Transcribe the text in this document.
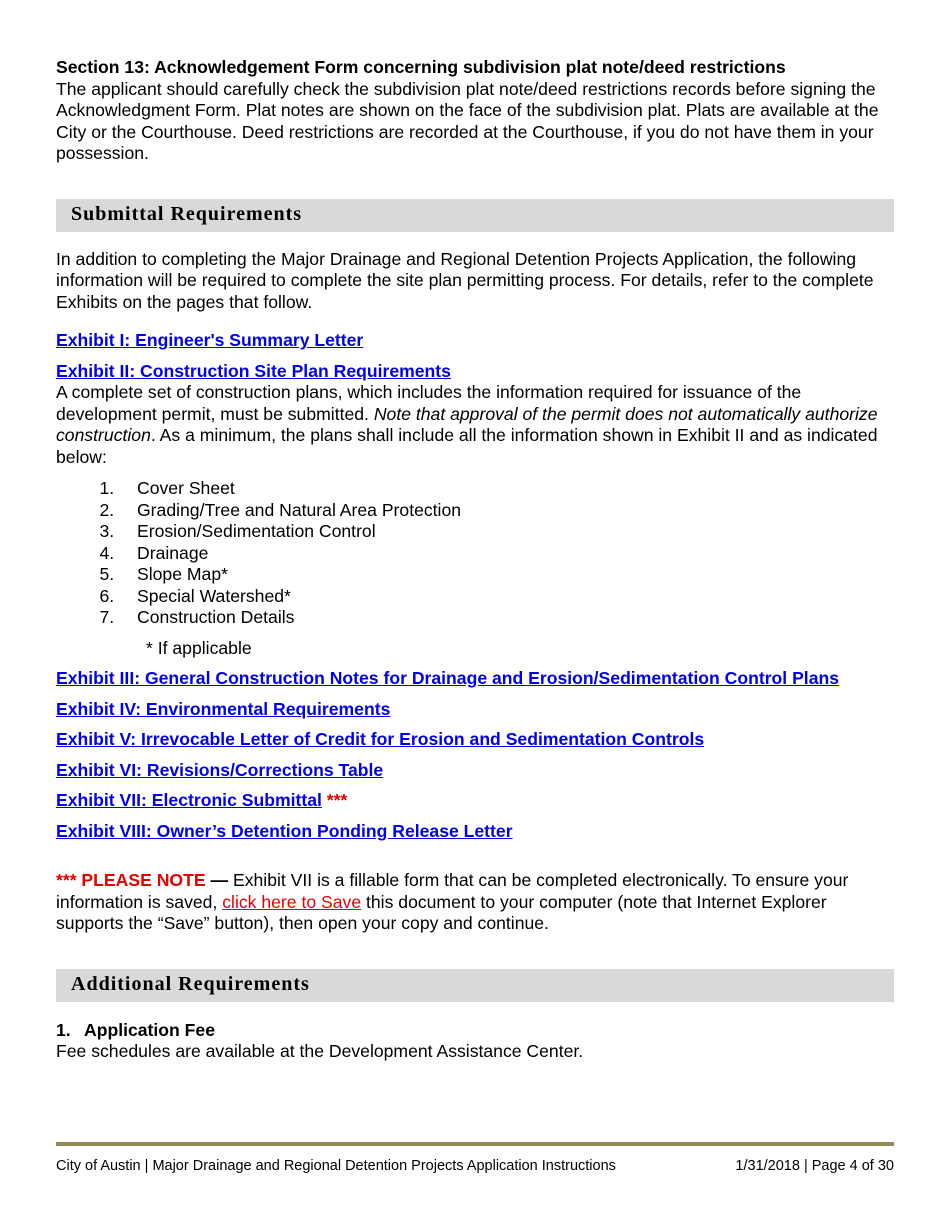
Section 13: Acknowledgement Form concerning subdivision plat note/deed restrictions

The applicant should carefully check the subdivision plat note/deed restrictions records before signing the Acknowledgment Form. Plat notes are shown on the face of the subdivision plat. Plats are available at the City or the Courthouse. Deed restrictions are recorded at the Courthouse, if you do not have them in your possession.

Submittal Requirements

In addition to completing the Major Drainage and Regional Detention Projects Application, the following information will be required to complete the site plan permitting process. For details, refer to the complete Exhibits on the pages that follow.

Exhibit I: Engineer's Summary Letter
Exhibit II: Construction Site Plan Requirements

A complete set of construction plans, which includes the information required for issuance of the development permit, must be submitted. Note that approval of the permit does not automatically authorize construction. As a minimum, the plans shall include all the information shown in Exhibit II and as indicated below:

1. Cover Sheet
2. Grading/Tree and Natural Area Protection
3. Erosion/Sedimentation Control
4. Drainage
5. Slope Map*
6. Special Watershed*
7. Construction Details

* If applicable

Exhibit III: General Construction Notes for Drainage and Erosion/Sedimentation Control Plans
Exhibit IV: Environmental Requirements
Exhibit V: Irrevocable Letter of Credit for Erosion and Sedimentation Controls
Exhibit VI: Revisions/Corrections Table
Exhibit VII: Electronic Submittal ***
Exhibit VIII: Owner’s Detention Ponding Release Letter

*** PLEASE NOTE — Exhibit VII is a fillable form that can be completed electronically. To ensure your information is saved, click here to Save this document to your computer (note that Internet Explorer supports the “Save” button), then open your copy and continue.

Additional Requirements

1. Application Fee

Fee schedules are available at the Development Assistance Center.

City of Austin | Major Drainage and Regional Detention Projects Application Instructions	1/31/2018 | Page 4 of 30
